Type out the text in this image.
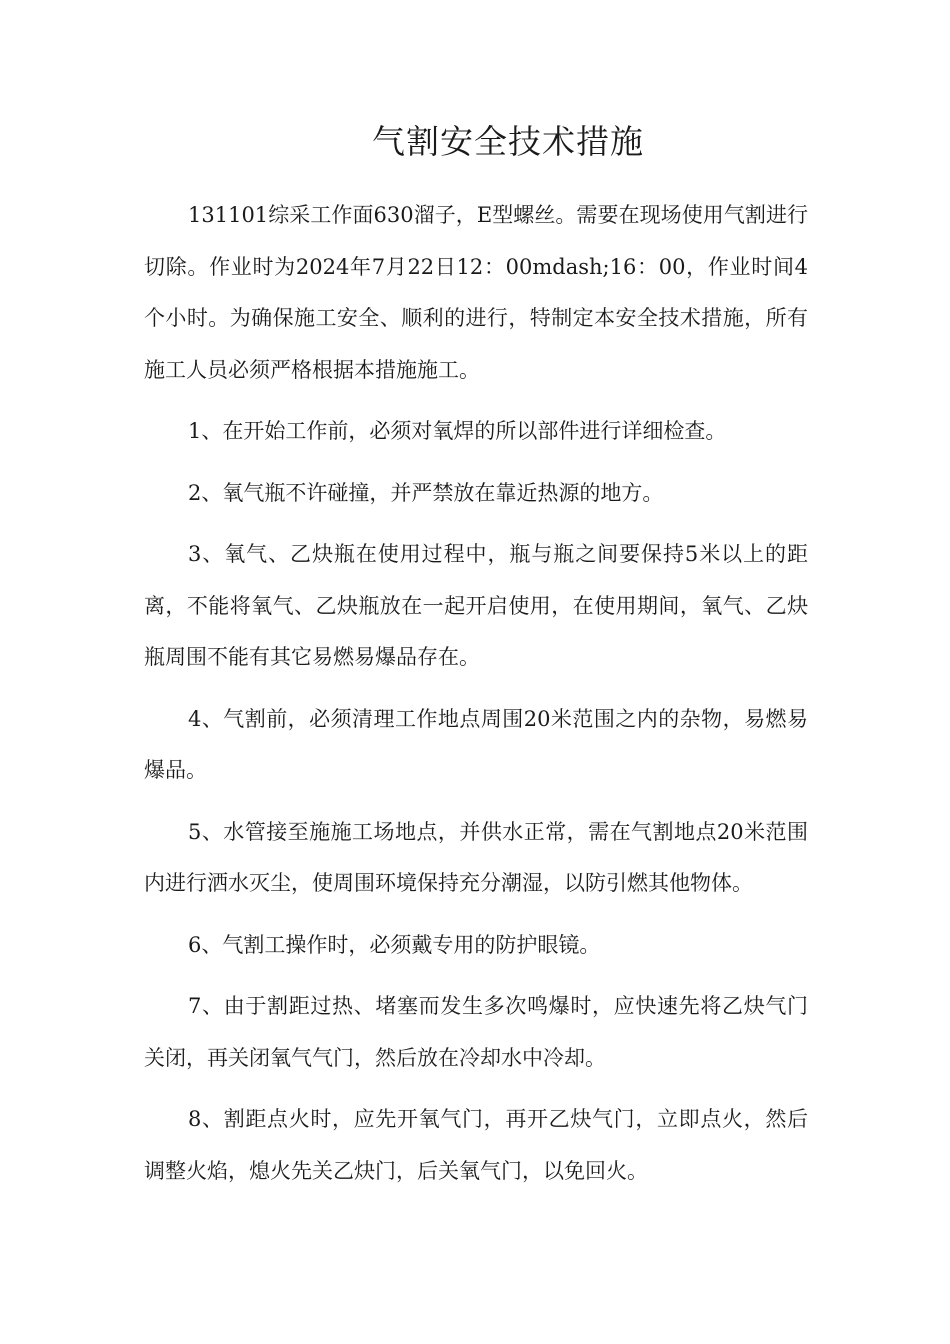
气割安全技术措施

131101综采工作面630溜子，E型螺丝。需要在现场使用气割进行切除。作业时为2024年7月22日12：00mdash;16：00，作业时间4个小时。为确保施工安全、顺利的进行，特制定本安全技术措施，所有施工人员必须严格根据本措施施工。

1、在开始工作前，必须对氧焊的所以部件进行详细检查。

2、氧气瓶不许碰撞，并严禁放在靠近热源的地方。

3、氧气、乙炔瓶在使用过程中，瓶与瓶之间要保持5米以上的距离，不能将氧气、乙炔瓶放在一起开启使用，在使用期间，氧气、乙炔瓶周围不能有其它易燃易爆品存在。

4、气割前，必须清理工作地点周围20米范围之内的杂物，易燃易爆品。

5、水管接至施施工场地点，并供水正常，需在气割地点20米范围内进行洒水灭尘，使周围环境保持充分潮湿，以防引燃其他物体。

6、气割工操作时，必须戴专用的防护眼镜。

7、由于割距过热、堵塞而发生多次鸣爆时，应快速先将乙炔气门关闭，再关闭氧气气门，然后放在冷却水中冷却。

8、割距点火时，应先开氧气门，再开乙炔气门，立即点火，然后调整火焰，熄火先关乙炔门，后关氧气门，以免回火。
